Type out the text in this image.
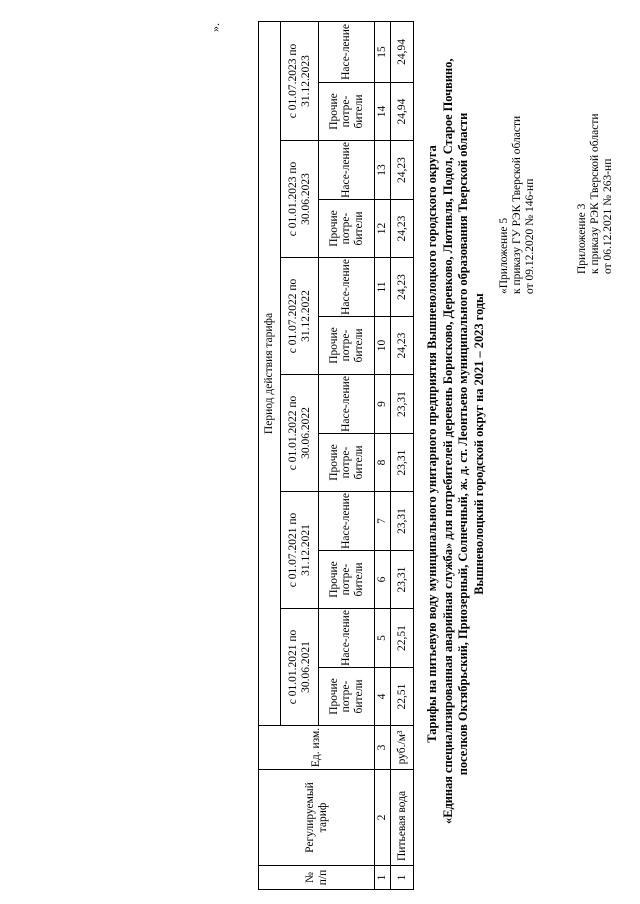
Приложение 3 к приказу РЭК Тверской области от 06.12.2021 № 263-нп
«Приложение 5 к приказу ГУ РЭК Тверской области от 09.12.2020 № 146-нп
Тарифы на питьевую воду муниципального унитарного предприятия Вышневолоцкого городского округа «Единая специализированная аварийная служба» для потребителей деревень Борисково, Деревково, Лютивля, Подол, Старое Почвино, поселков Октябрьский, Приозерный, Солнечный, ж. д. ст. Леонтьево муниципального образования Тверской области Вышневолоцкий городской округ на 2021 – 2023 годы
№ п/п	Регулируемый тариф	Ед. изм.	Период действия тарифа											
			с 01.01.2021 по 30.06.2021		с 01.07.2021 по 31.12.2021		с 01.01.2022 по 30.06.2022		с 01.07.2022 по 31.12.2022		с 01.01.2023 по 30.06.2023		с 01.07.2023 по 31.12.2023	
			Прочие потре-бители	Насе-ление	Прочие потре-бители	Насе-ление	Прочие потре-бители	Насе-ление	Прочие потре-бители	Насе-ление	Прочие потре-бители	Насе-ление	Прочие потре-бители	Насе-ление
1	2	3	4	5	6	7	8	9	10	11	12	13	14	15
1	Питьевая вода	руб./м³	22,51	22,51	23,31	23,31	23,31	23,31	24,23	24,23	24,23	24,23	24,94	24,94
».
